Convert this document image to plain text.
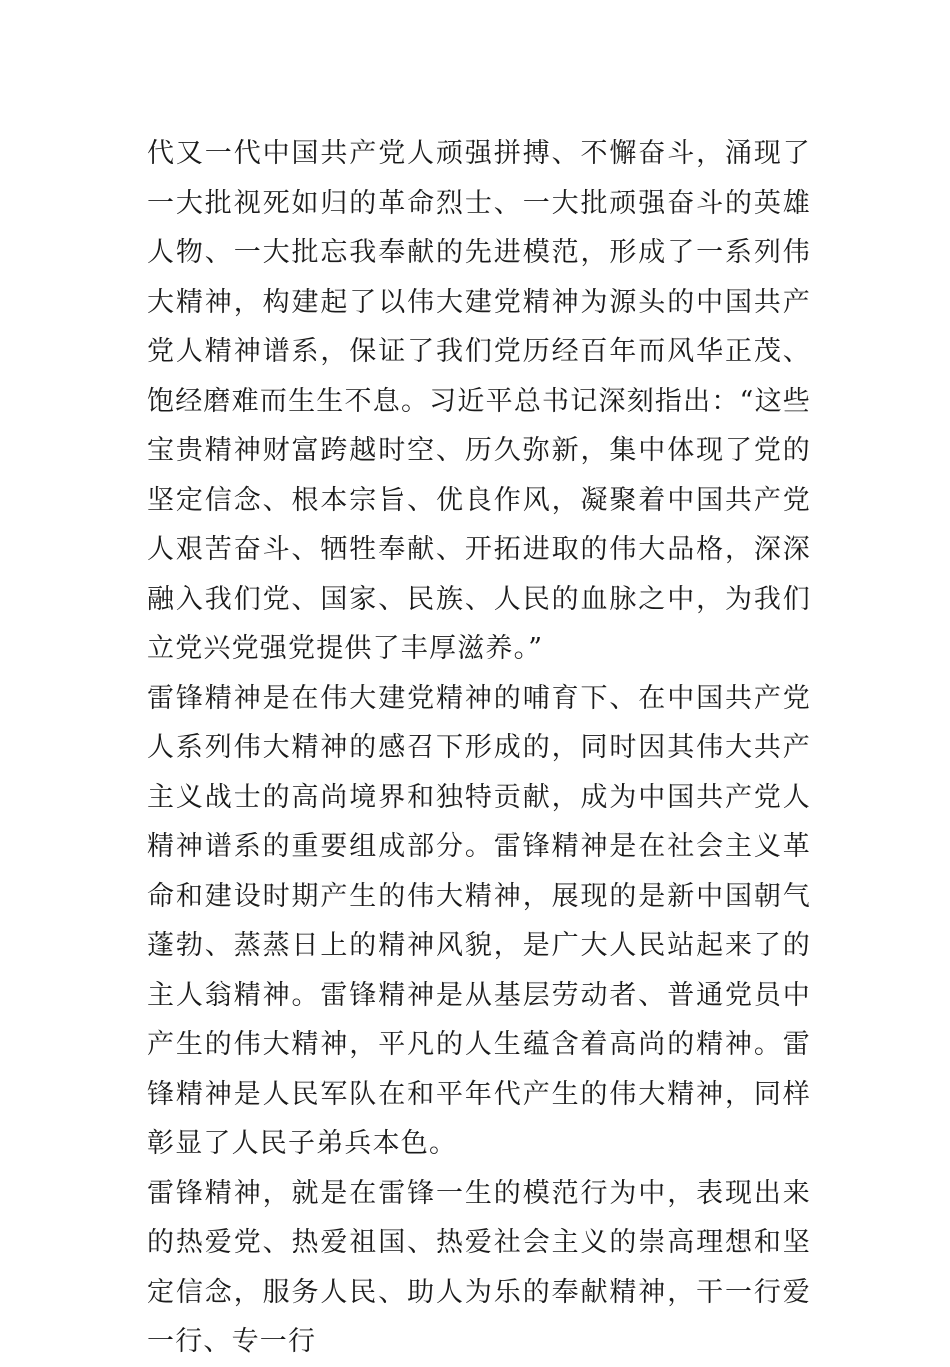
代又一代中国共产党人顽强拼搏、不懈奋斗，涌现了一大批视死如归的革命烈士、一大批顽强奋斗的英雄人物、一大批忘我奉献的先进模范，形成了一系列伟大精神，构建起了以伟大建党精神为源头的中国共产党人精神谱系，保证了我们党历经百年而风华正茂、饱经磨难而生生不息。习近平总书记深刻指出：“这些宝贵精神财富跨越时空、历久弥新，集中体现了党的坚定信念、根本宗旨、优良作风，凝聚着中国共产党人艰苦奋斗、牺牲奉献、开拓进取的伟大品格，深深融入我们党、国家、民族、人民的血脉之中，为我们立党兴党强党提供了丰厚滋养。”

雷锋精神是在伟大建党精神的哺育下、在中国共产党人系列伟大精神的感召下形成的，同时因其伟大共产主义战士的高尚境界和独特贡献，成为中国共产党人精神谱系的重要组成部分。雷锋精神是在社会主义革命和建设时期产生的伟大精神，展现的是新中国朝气蓬勃、蒸蒸日上的精神风貌，是广大人民站起来了的主人翁精神。雷锋精神是从基层劳动者、普通党员中产生的伟大精神，平凡的人生蕴含着高尚的精神。雷锋精神是人民军队在和平年代产生的伟大精神，同样彰显了人民子弟兵本色。

雷锋精神，就是在雷锋一生的模范行为中，表现出来的热爱党、热爱祖国、热爱社会主义的崇高理想和坚定信念，服务人民、助人为乐的奉献精神，干一行爱一行、专一行
